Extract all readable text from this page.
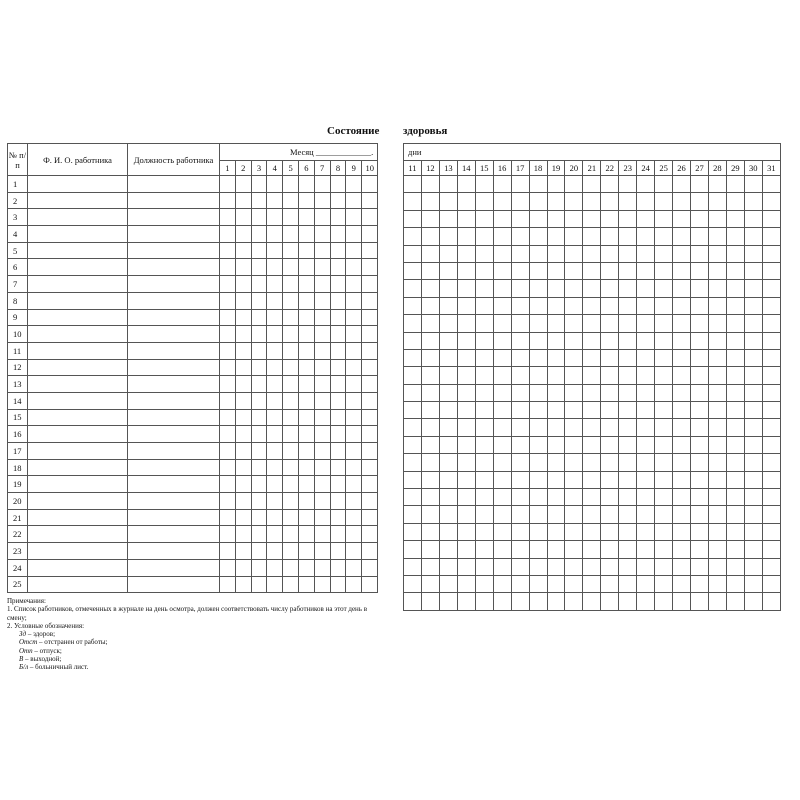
Состояние здоровья
№ п/п	Ф. И. О. работника	Должность работника	Месяц _____________.									
			1	2	3	4	5	6	7	8	9	10
1												
2												
3												
4												
5												
6												
7												
8												
9												
10												
11												
12												
13												
14												
15												
16												
17												
18												
19												
20												
21												
22												
23												
24												
25												
дни																				
11	12	13	14	15	16	17	18	19	20	21	22	23	24	25	26	27	28	29	30	31

Примечания:
1. Список работников, отмеченных в журнале на день осмотра, должен соответствовать числу работников на этот день в смену;
2. Условные обозначения:
Зд – здоров;
Отст – отстранен от работы;
Отп – отпуск;
В – выходной;
Б/л – больничный лист.
